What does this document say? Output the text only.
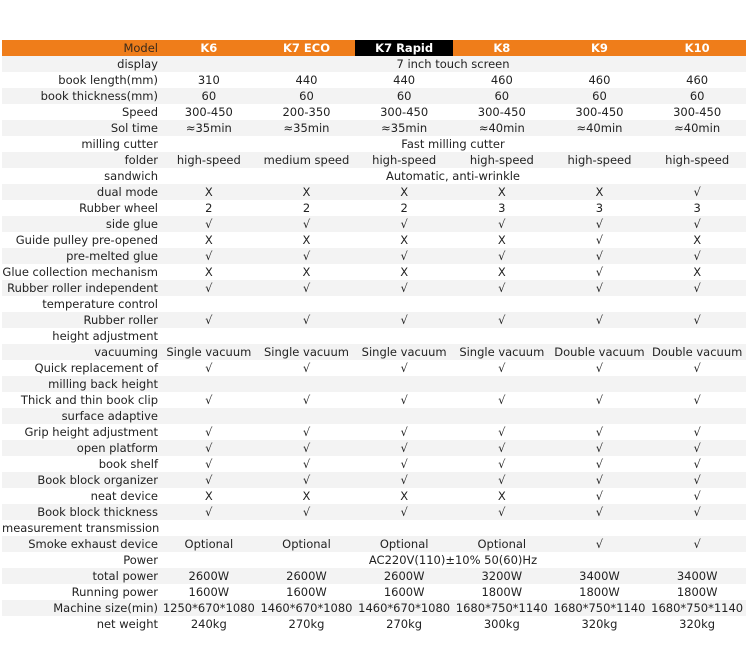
Model	K6	K7 ECO	K7 Rapid	K8	K9	K10
display	7 inch touch screen					
book length(mm)	310	440	440	460	460	460
book thickness(mm)	60	60	60	60	60	60
Speed	300-450	200-350	300-450	300-450	300-450	300-450
Sol time	≈35min	≈35min	≈35min	≈40min	≈40min	≈40min
milling cutter	Fast milling cutter					
folder	high-speed	medium speed	high-speed	high-speed	high-speed	high-speed
sandwich	Automatic, anti-wrinkle					
dual mode	X	X	X	X	X	√
Rubber wheel	2	2	2	3	3	3
side glue	√	√	√	√	√	√
Guide pulley pre-opened	X	X	X	X	√	X
pre-melted glue	√	√	√	√	√	√
Glue collection mechanism	X	X	X	X	√	X
Rubber roller independent	√	√	√	√	√	√
temperature control						
Rubber roller	√	√	√	√	√	√
height adjustment						
vacuuming	Single vacuum	Single vacuum	Single vacuum	Single vacuum	Double vacuum	Double vacuum
Quick replacement of	√	√	√	√	√	√
milling back height						
Thick and thin book clip	√	√	√	√	√	√
surface adaptive						
Grip height adjustment	√	√	√	√	√	√
open platform	√	√	√	√	√	√
book shelf	√	√	√	√	√	√
Book block organizer	√	√	√	√	√	√
neat device	X	X	X	X	√	√
Book block thickness	√	√	√	√	√	√
measurement transmission						
Smoke exhaust device	Optional	Optional	Optional	Optional	√	√
Power	AC220V(110)±10% 50(60)Hz					
total power	2600W	2600W	2600W	3200W	3400W	3400W
Running power	1600W	1600W	1600W	1800W	1800W	1800W
Machine size(min)	1250*670*1080	1460*670*1080	1460*670*1080	1680*750*1140	1680*750*1140	1680*750*1140
net weight	240kg	270kg	270kg	300kg	320kg	320kg
